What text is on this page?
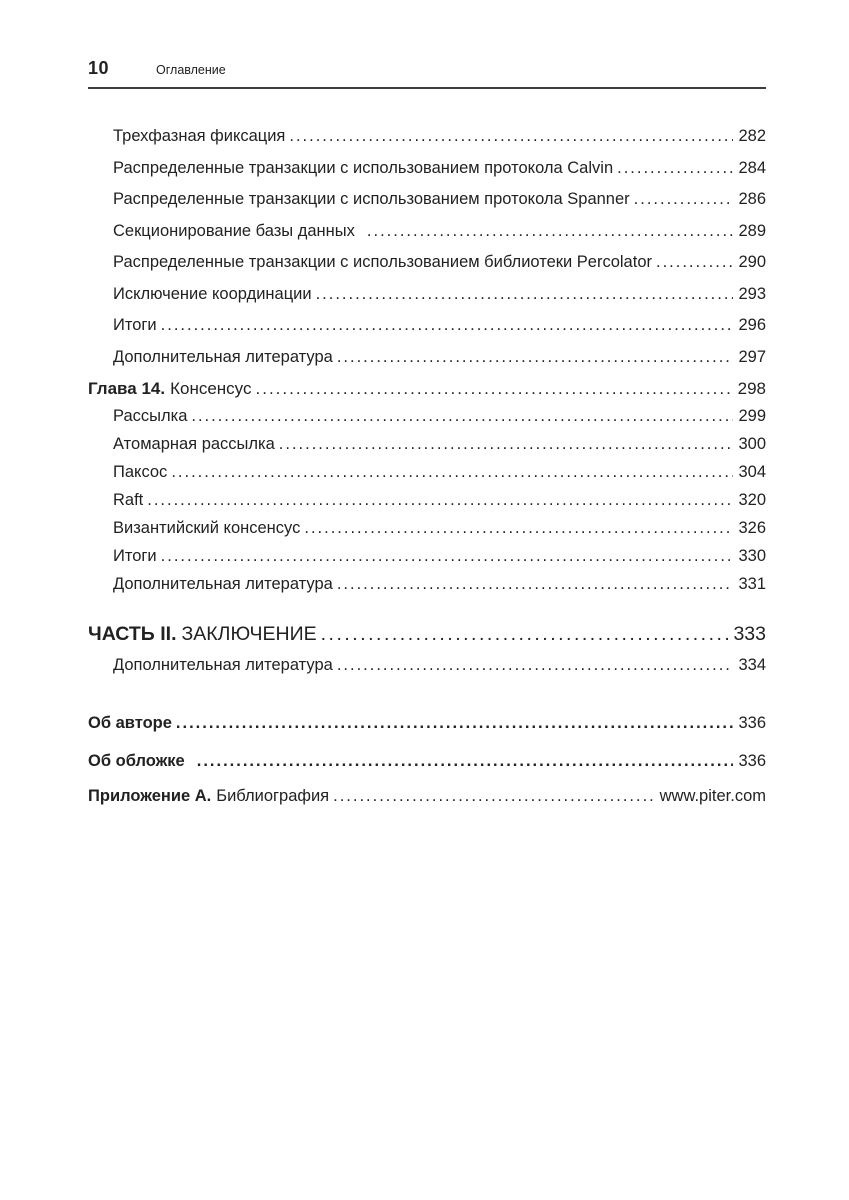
10	Оглавление
Трехфазная фиксация .....	282
Распределенные транзакции с использованием протокола Calvin .....	284
Распределенные транзакции с использованием протокола Spanner .....	286
Секционирование базы данных .....	289
Распределенные транзакции с использованием библиотеки Percolator .....	290
Исключение координации .....	293
Итоги .....	296
Дополнительная литература .....	297
Глава 14. Консенсус .....	298
Рассылка .....	299
Атомарная рассылка .....	300
Паксос .....	304
Raft .....	320
Византийский консенсус .....	326
Итоги .....	330
Дополнительная литература .....	331
ЧАСТЬ II. ЗАКЛЮЧЕНИЕ .....	333
Дополнительная литература .....	334
Об авторе .....	336
Об обложке .....	336
Приложение А. Библиография .....	www.piter.com
